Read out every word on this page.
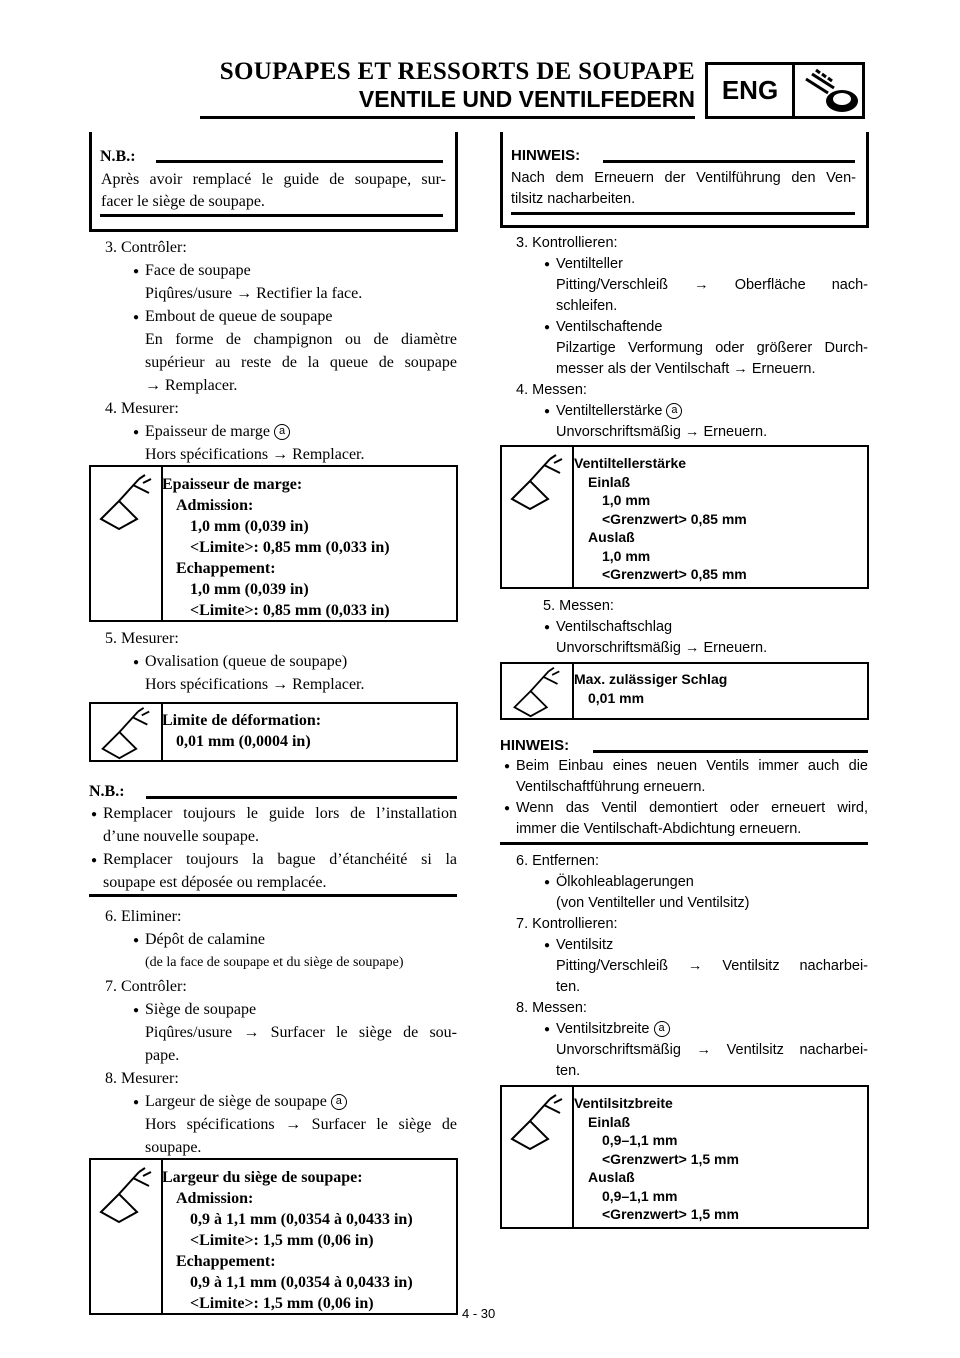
SOUPAPES ET RESSORTS DE SOUPAPE
VENTILE UND VENTILFEDERN	ENG
N.B.:
Après avoir remplacé le guide de soupape, sur-
facer le siège de soupape.
3. Contrôler:
● Face de soupape
Piqûres/usure → Rectifier la face.
● Embout de queue de soupape
En forme de champignon ou de diamètre
supérieur au reste de la queue de soupape
→ Remplacer.
4. Mesurer:
● Epaisseur de marge a
Hors spécifications → Remplacer.
Epaisseur de marge:
Admission:
1,0 mm (0,039 in)
<Limite>: 0,85 mm (0,033 in)
Echappement:
1,0 mm (0,039 in)
<Limite>: 0,85 mm (0,033 in)
5. Mesurer:
● Ovalisation (queue de soupape)
Hors spécifications → Remplacer.
Limite de déformation:
0,01 mm (0,0004 in)
N.B.:
● Remplacer toujours le guide lors de l’installation
d’une nouvelle soupape.
● Remplacer toujours la bague d’étanchéité si la
soupape est déposée ou remplacée.
6. Eliminer:
● Dépôt de calamine
(de la face de soupape et du siège de soupape)
7. Contrôler:
● Siège de soupape
Piqûres/usure → Surfacer le siège de sou-
pape.
8. Mesurer:
● Largeur de siège de soupape a
Hors spécifications → Surfacer le siège de
soupape.
Largeur du siège de soupape:
Admission:
0,9 à 1,1 mm (0,0354 à 0,0433 in)
<Limite>: 1,5 mm (0,06 in)
Echappement:
0,9 à 1,1 mm (0,0354 à 0,0433 in)
<Limite>: 1,5 mm (0,06 in)
HINWEIS:
Nach dem Erneuern der Ventilführung den Ven-
tilsitz nacharbeiten.
3. Kontrollieren:
● Ventilteller
Pitting/Verschleiß → Oberfläche nach-
schleifen.
● Ventilschaftende
Pilzartige Verformung oder größerer Durch-
messer als der Ventilschaft → Erneuern.
4. Messen:
● Ventiltellerstärke a
Unvorschriftsmäßig → Erneuern.
Ventiltellerstärke
Einlaß
1,0 mm
<Grenzwert> 0,85 mm
Auslaß
1,0 mm
<Grenzwert> 0,85 mm
5. Messen:
● Ventilschaftschlag
Unvorschriftsmäßig → Erneuern.
Max. zulässiger Schlag
0,01 mm
HINWEIS:
● Beim Einbau eines neuen Ventils immer auch die
Ventilschaftführung erneuern.
● Wenn das Ventil demontiert oder erneuert wird,
immer die Ventilschaft-Abdichtung erneuern.
6. Entfernen:
● Ölkohleablagerungen
(von Ventilteller und Ventilsitz)
7. Kontrollieren:
● Ventilsitz
Pitting/Verschleiß → Ventilsitz nacharbei-
ten.
8. Messen:
● Ventilsitzbreite a
Unvorschriftsmäßig → Ventilsitz nacharbei-
ten.
Ventilsitzbreite
Einlaß
0,9–1,1 mm
<Grenzwert> 1,5 mm
Auslaß
0,9–1,1 mm
<Grenzwert> 1,5 mm
4 - 30
